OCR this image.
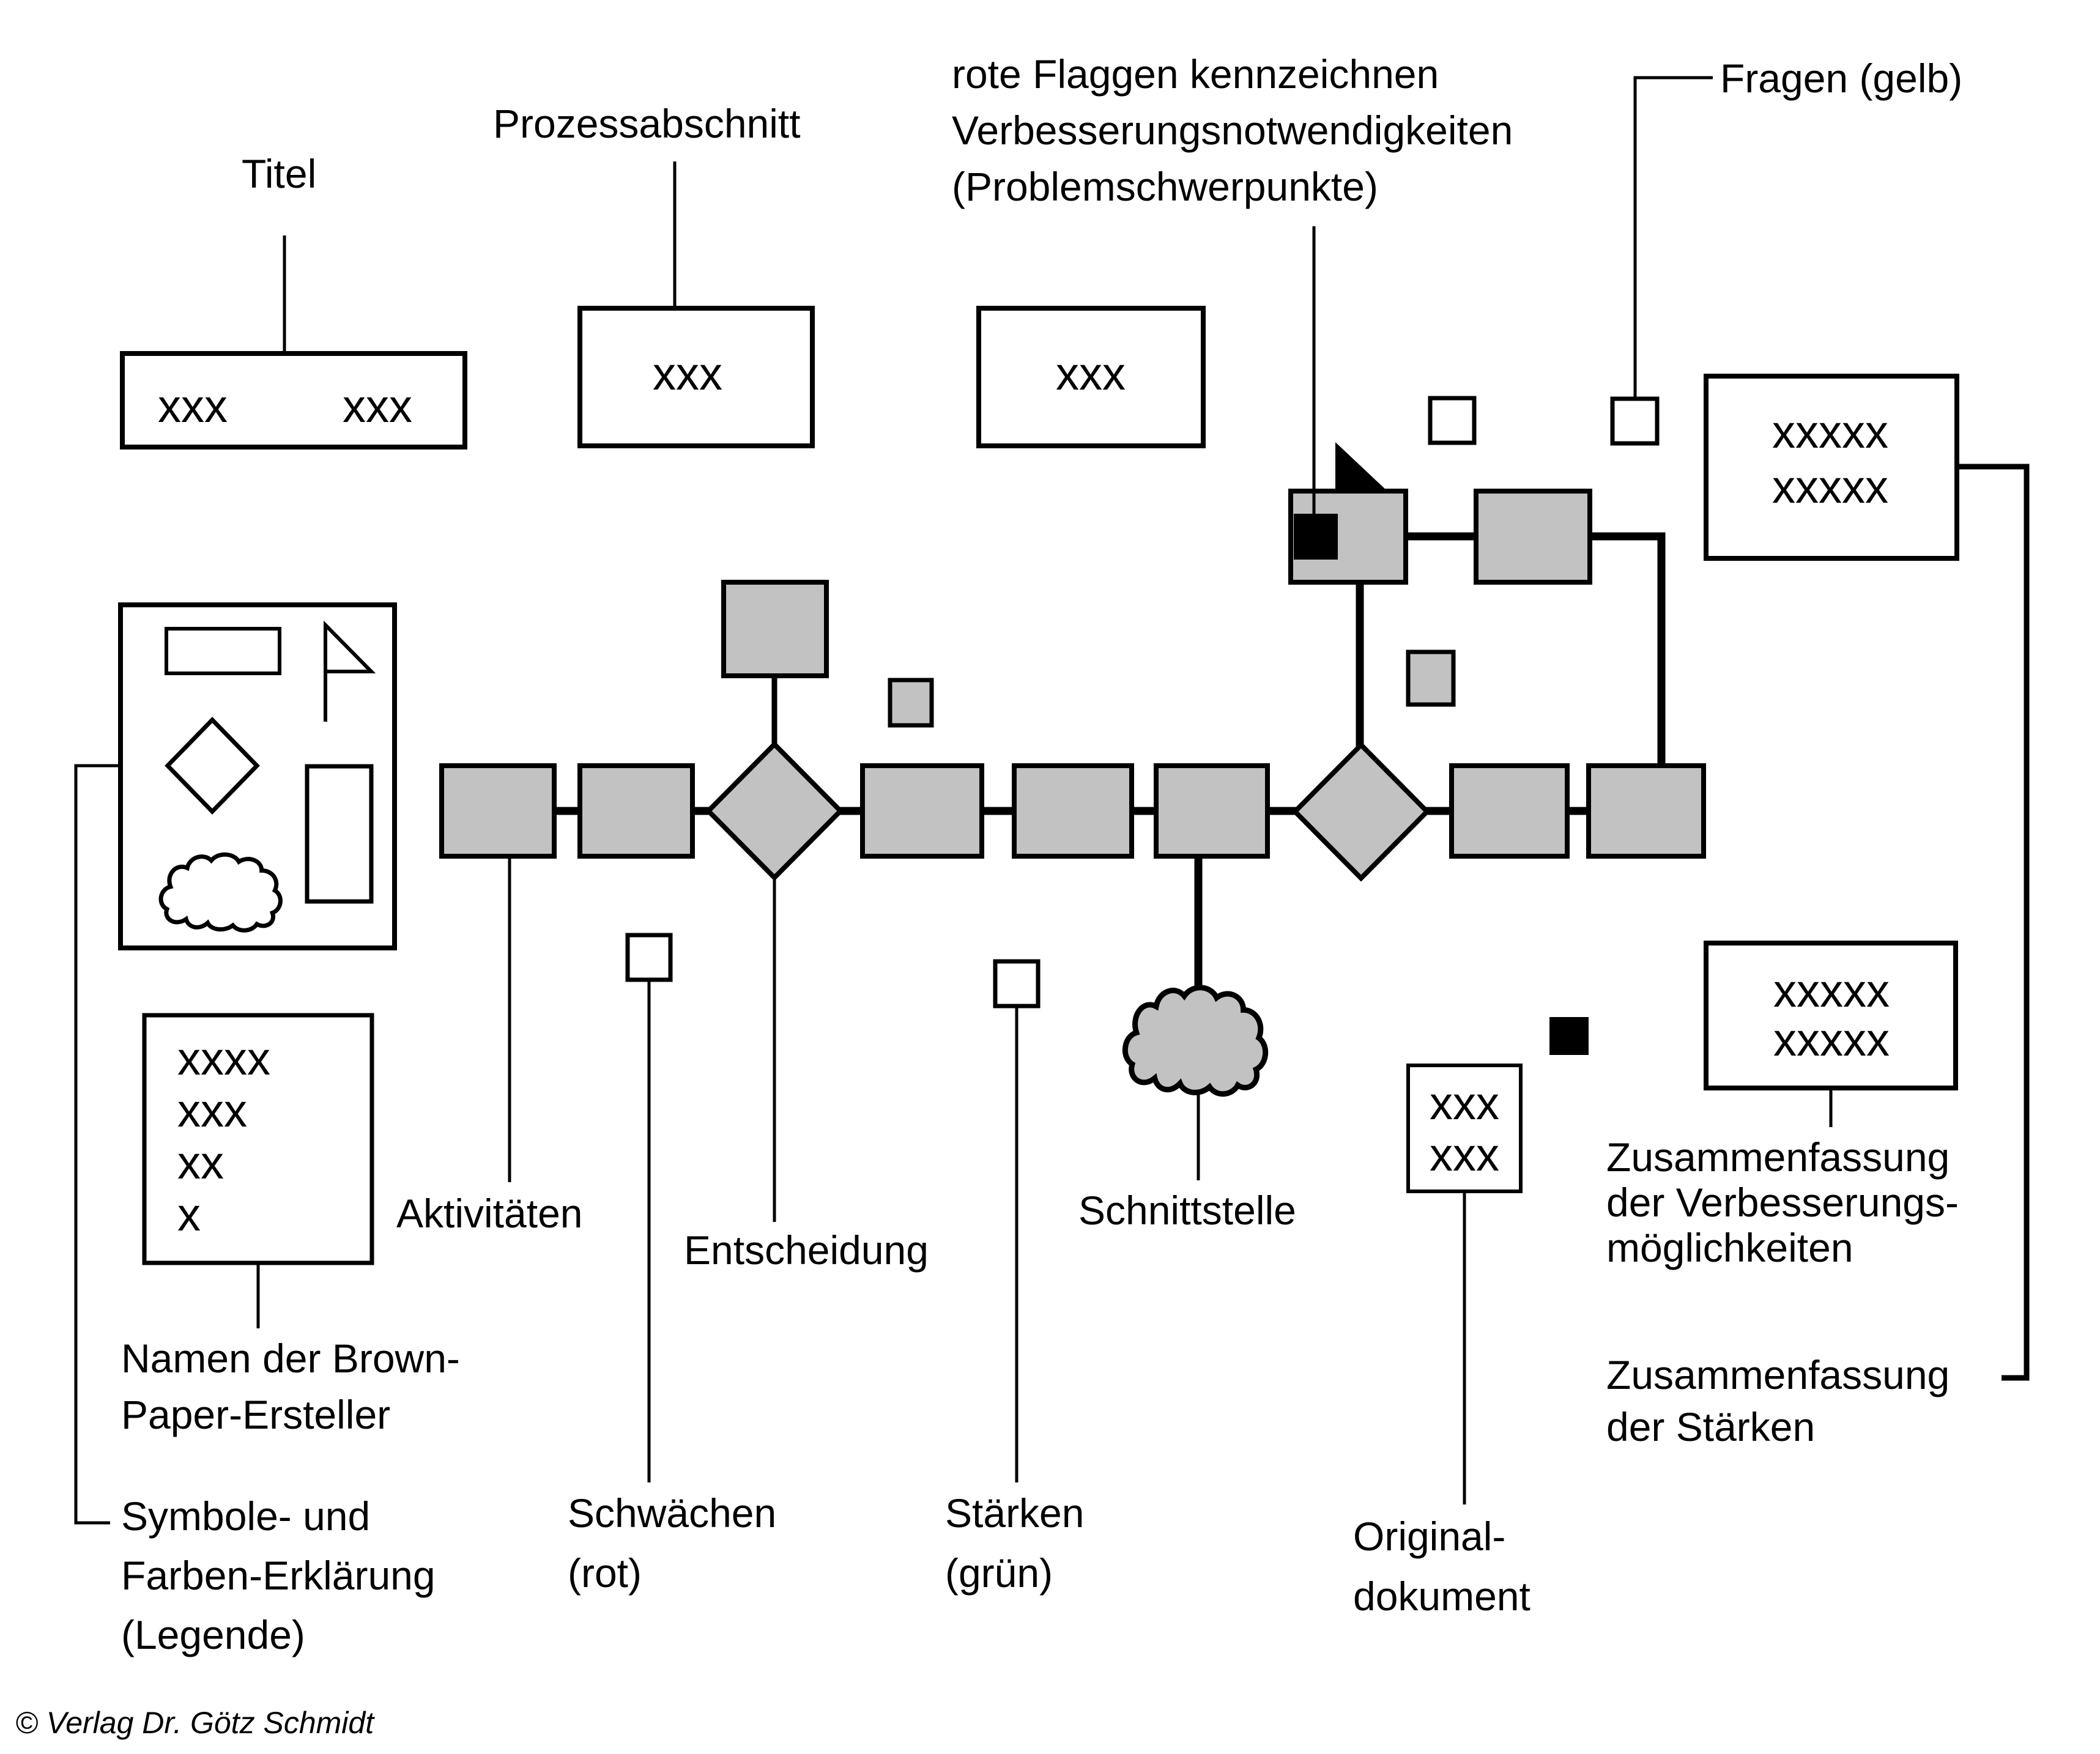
Titel
Prozessabschnitt
rote Flaggen kennzeichnen
Verbesserungsnotwendigkeiten
(Problemschwerpunkte)
Fragen (gelb)
Aktivitäten
Entscheidung
Schnittstelle
Schwächen
(rot)
Stärken
(grün)
Namen der Brown-
Paper-Ersteller
Symbole- und
Farben-Erklärung
(Legende)
Original-
dokument
Zusammenfassung
der Verbesserungs-
möglichkeiten
Zusammenfassung
der Stärken
xxx xxx
xxx	xxx
xxxxx
xxxxx
xxxxx
xxxxx
xxx
xxx
xxxx
xxx
xx
x
© Verlag Dr. Götz Schmidt
